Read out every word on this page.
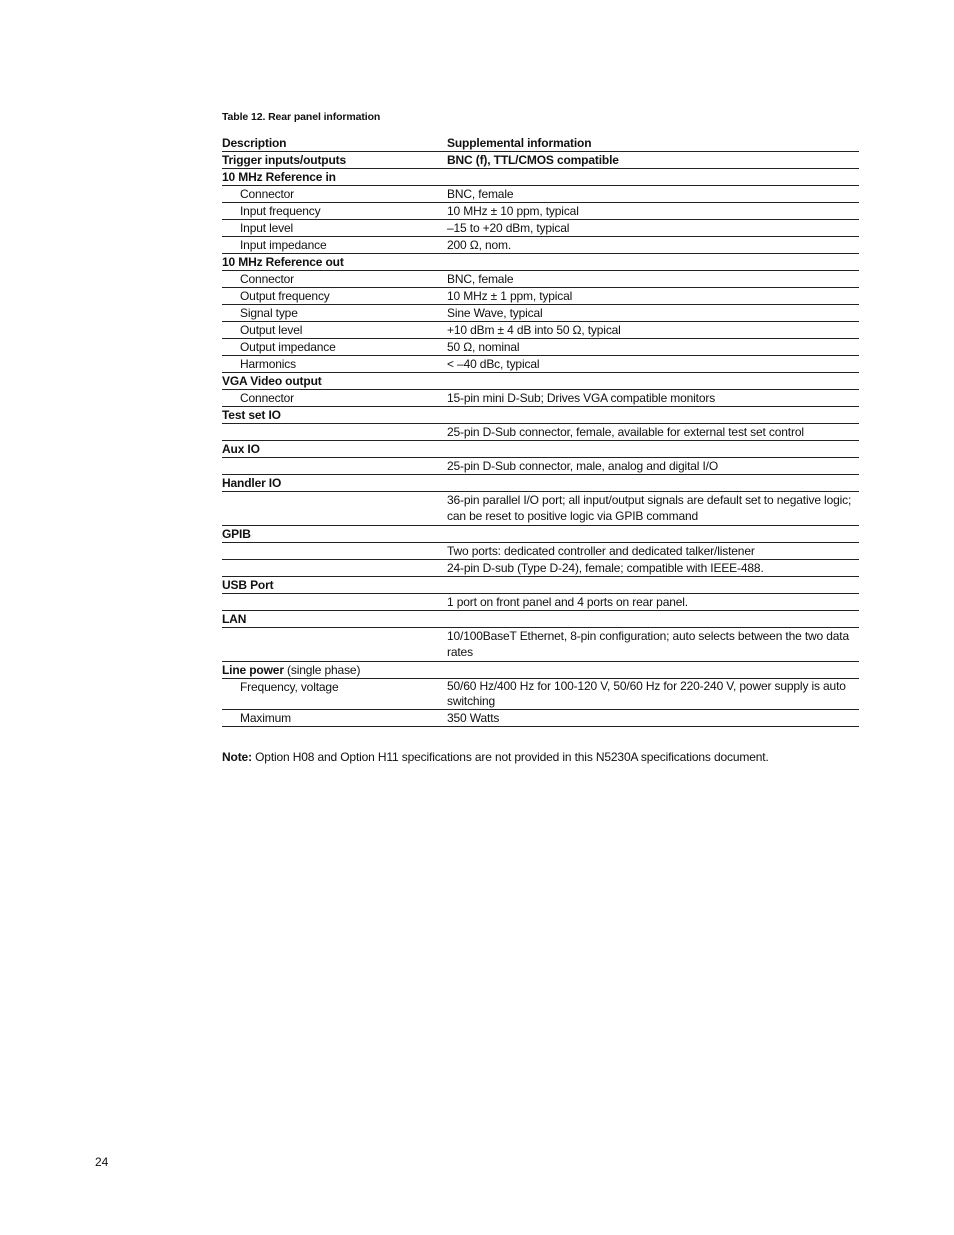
Table 12. Rear panel information
Description	Supplemental information
Trigger inputs/outputs	BNC (f), TTL/CMOS compatible
10 MHz Reference in	
Connector	BNC, female
Input frequency	10 MHz ± 10 ppm, typical
Input level	–15 to +20 dBm, typical
Input impedance	200 Ω, nom.
10 MHz Reference out	
Connector	BNC, female
Output frequency	10 MHz ± 1 ppm, typical
Signal type	Sine Wave, typical
Output level	+10 dBm ± 4 dB into 50 Ω, typical
Output impedance	50 Ω, nominal
Harmonics	< –40 dBc, typical
VGA Video output	
Connector	15-pin mini D-Sub; Drives VGA compatible monitors
Test set IO	
	25-pin D-Sub connector, female, available for external test set control
Aux IO	
	25-pin D-Sub connector, male, analog and digital I/O
Handler IO	
	36-pin parallel I/O port; all input/output signals are default set to negative logic; can be reset to positive logic via GPIB command
GPIB	
	Two ports: dedicated controller and dedicated talker/listener
	24-pin D-sub (Type D-24), female; compatible with IEEE-488.
USB Port	
	1 port on front panel and 4 ports on rear panel.
LAN	
	10/100BaseT Ethernet, 8-pin configuration; auto selects between the two data rates
Line power (single phase)	
Frequency, voltage	50/60 Hz/400 Hz for 100-120 V, 50/60 Hz for 220-240 V, power supply is auto switching
Maximum	350 Watts
Note: Option H08 and Option H11 specifications are not provided in this N5230A specifications document.
24
